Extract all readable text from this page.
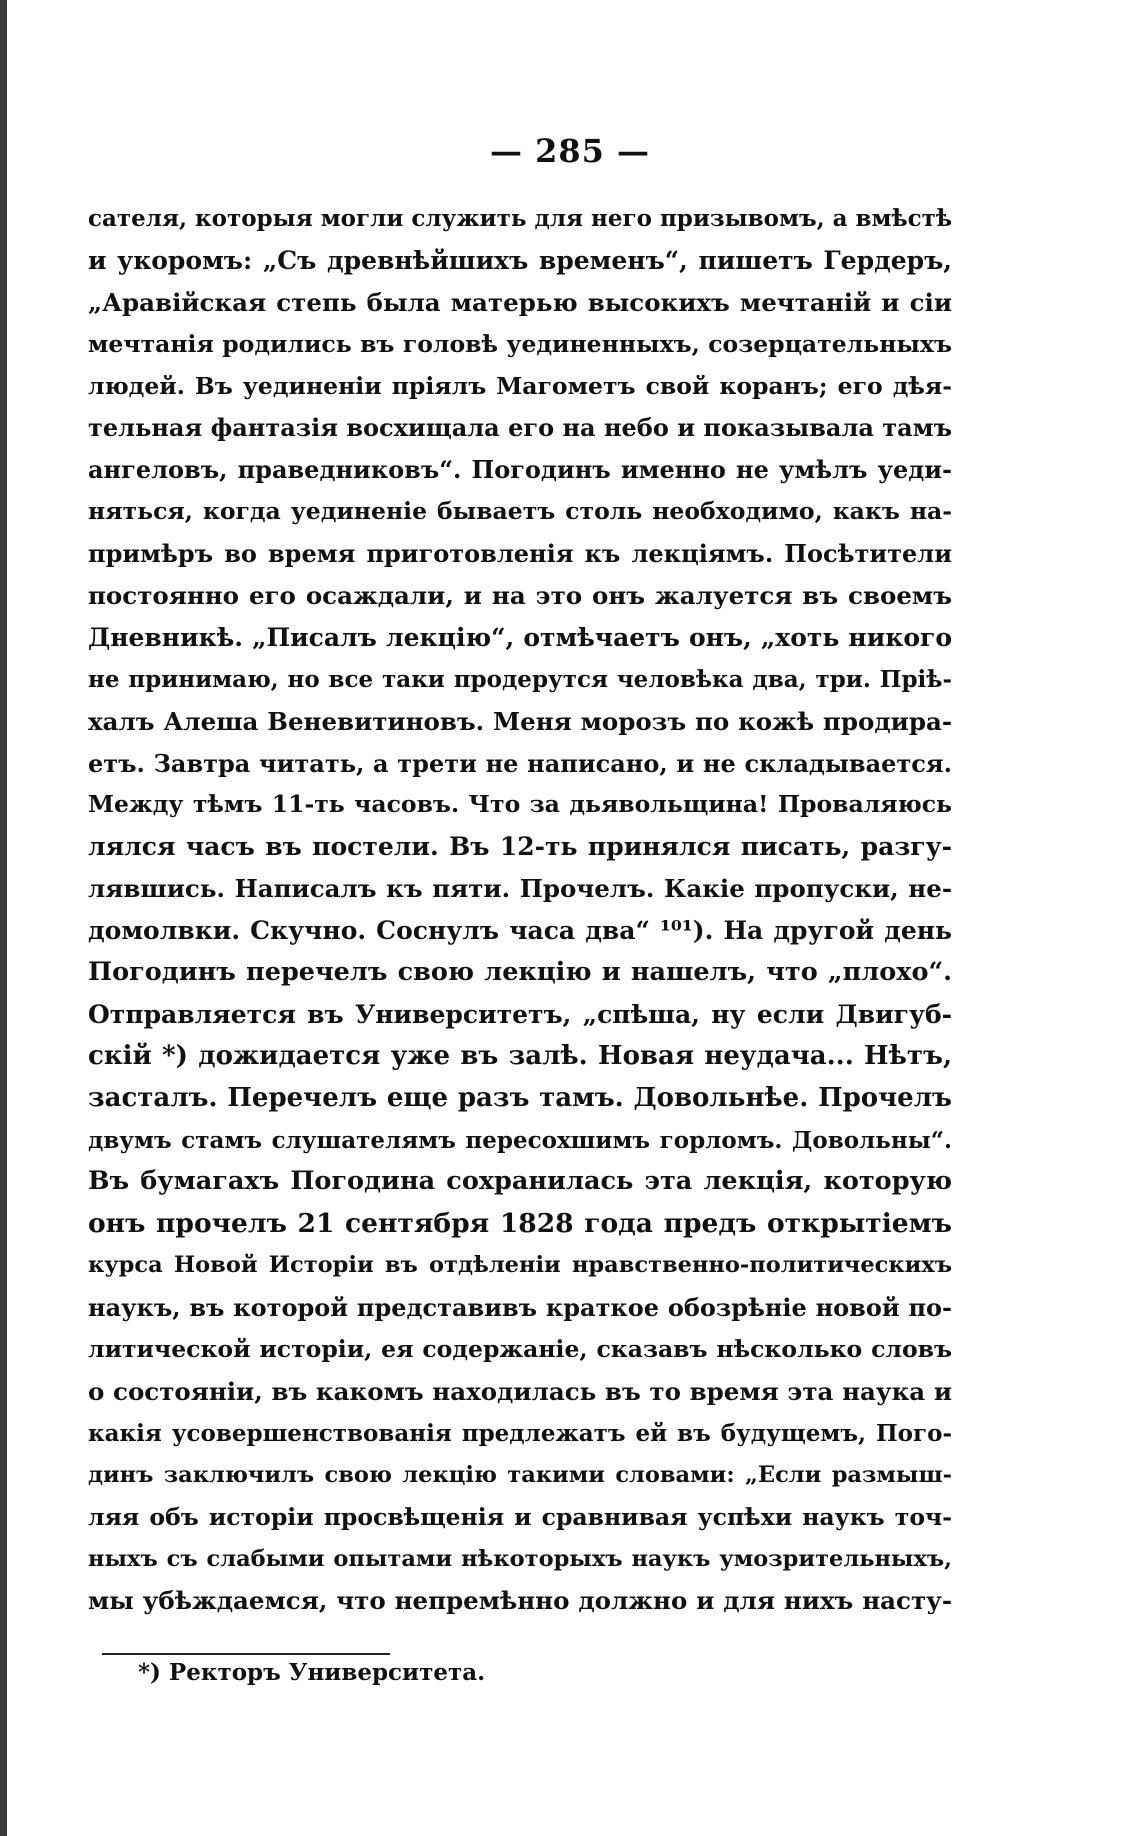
— 285 —
сателя, которыя могли служить для него призывомъ, а вмѣстѣ
и укоромъ: „Съ древнѣйшихъ временъ“, пишетъ Гердеръ,
„Аравійская степь была матерью высокихъ мечтаній и сіи
мечтанія родились въ головѣ уединенныхъ, созерцательныхъ
людей. Въ уединеніи пріялъ Магометъ свой коранъ; его дѣя-
тельная фантазія восхищала его на небо и показывала тамъ
ангеловъ, праведниковъ“. Погодинъ именно не умѣлъ уеди-
няться, когда уединеніе бываетъ столь необходимо, какъ на-
примѣръ во время приготовленія къ лекціямъ. Посѣтители
постоянно его осаждали, и на это онъ жалуется въ своемъ
Дневникѣ. „Писалъ лекцію“, отмѣчаетъ онъ, „хоть никого
не принимаю, но все таки продерутся человѣка два, три. Пріѣ-
халъ Алеша Веневитиновъ. Меня морозъ по кожѣ продира-
етъ. Завтра читать, а трети не написано, и не складывается.
Между тѣмъ 11-ть часовъ. Что за дьявольщина! Проваляюсь
лялся часъ въ постели. Въ 12-ть принялся писать, разгу-
лявшись. Написалъ къ пяти. Прочелъ. Какіе пропуски, не-
домолвки. Скучно. Соснулъ часа два“ ¹⁰¹). На другой день
Погодинъ перечелъ свою лекцію и нашелъ, что „плохо“.
Отправляется въ Университетъ, „спѣша, ну если Двигуб-
скій *) дожидается уже въ залѣ. Новая неудача... Нѣтъ,
засталъ. Перечелъ еще разъ тамъ. Довольнѣе. Прочелъ
двумъ стамъ слушателямъ пересохшимъ горломъ. Довольны“.
Въ бумагахъ Погодина сохранилась эта лекція, которую
онъ прочелъ 21 сентября 1828 года предъ открытіемъ
курса Новой Исторіи въ отдѣленіи нравственно-политическихъ
наукъ, въ которой представивъ краткое обозрѣніе новой по-
литической исторіи, ея содержаніе, сказавъ нѣсколько словъ
о состояніи, въ какомъ находилась въ то время эта наука и
какія усовершенствованія предлежатъ ей въ будущемъ, Пого-
динъ заключилъ свою лекцію такими словами: „Если размыш-
ляя объ исторіи просвѣщенія и сравнивая успѣхи наукъ точ-
ныхъ съ слабыми опытами нѣкоторыхъ наукъ умозрительныхъ,
мы убѣждаемся, что непремѣнно должно и для нихъ насту-
*) Ректоръ Университета.
